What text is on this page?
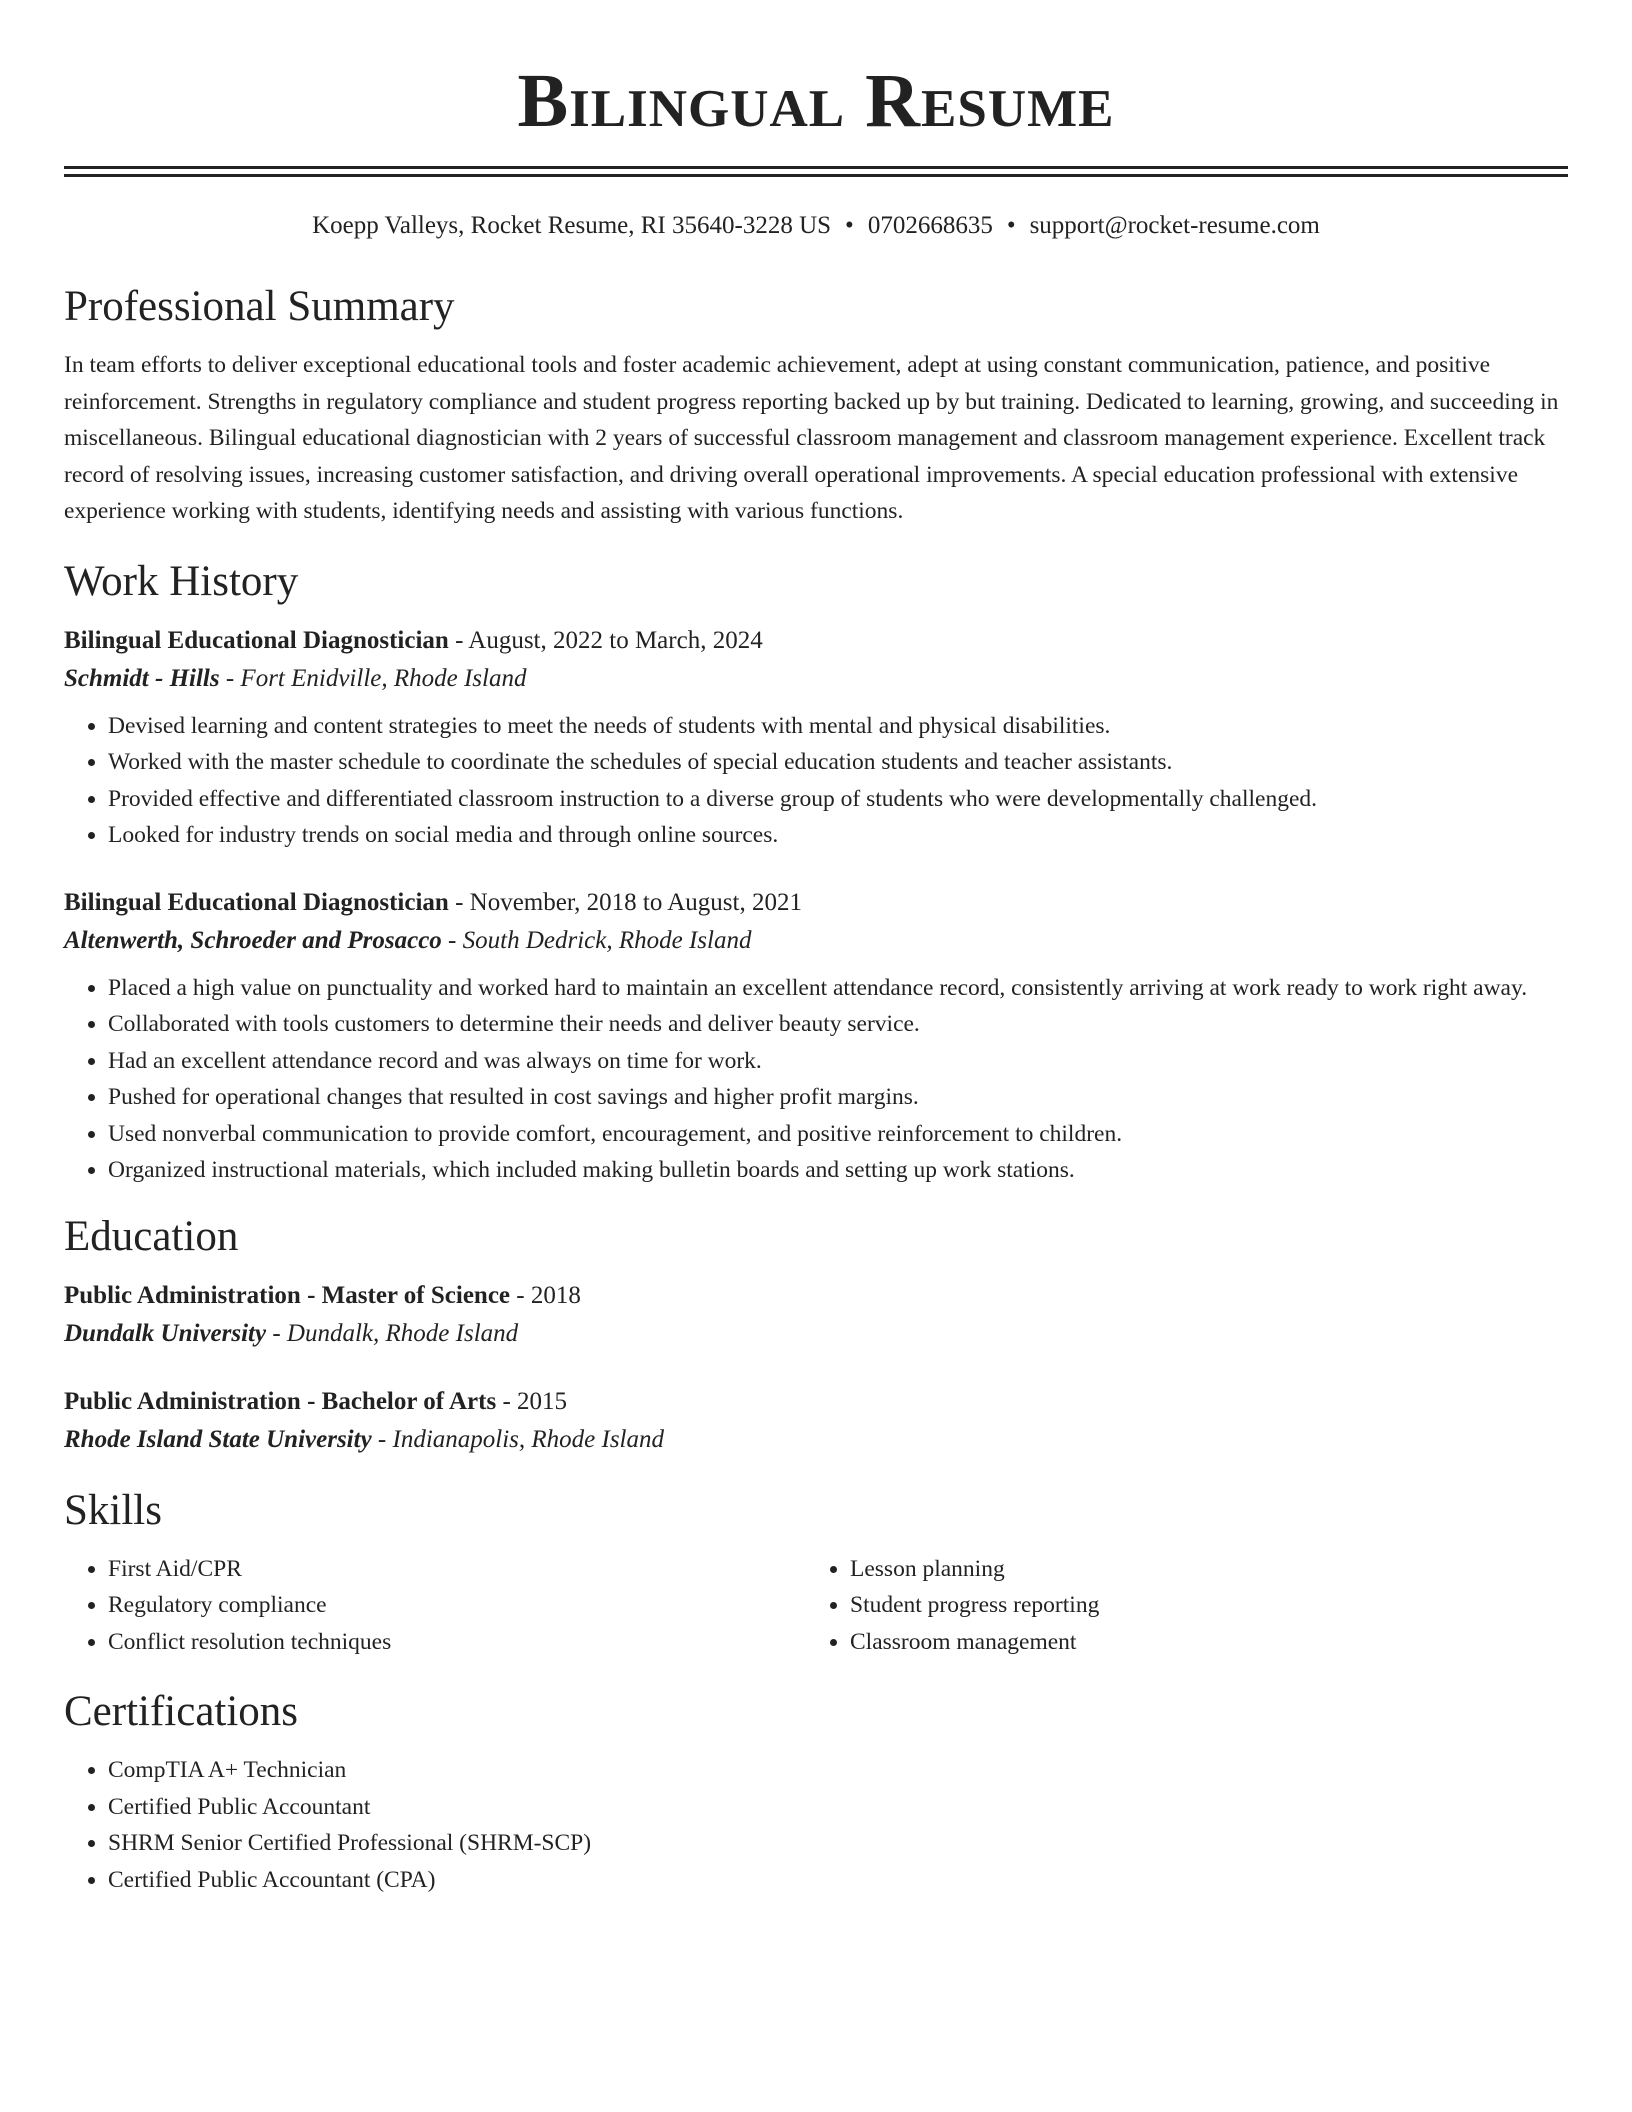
Bilingual Resume
Koepp Valleys, Rocket Resume, RI 35640-3228 US • 0702668635 • support@rocket-resume.com
Professional Summary

In team efforts to deliver exceptional educational tools and foster academic achievement, adept at using constant communication, patience, and positive reinforcement. Strengths in regulatory compliance and student progress reporting backed up by but training. Dedicated to learning, growing, and succeeding in miscellaneous. Bilingual educational diagnostician with 2 years of successful classroom management and classroom management experience. Excellent track record of resolving issues, increasing customer satisfaction, and driving overall operational improvements. A special education professional with extensive experience working with students, identifying needs and assisting with various functions.

Work History

Bilingual Educational Diagnostician - August, 2022 to March, 2024

Schmidt - Hills - Fort Enidville, Rhode Island

• Devised learning and content strategies to meet the needs of students with mental and physical disabilities.
• Worked with the master schedule to coordinate the schedules of special education students and teacher assistants.
• Provided effective and differentiated classroom instruction to a diverse group of students who were developmentally challenged.
• Looked for industry trends on social media and through online sources.

Bilingual Educational Diagnostician - November, 2018 to August, 2021

Altenwerth, Schroeder and Prosacco - South Dedrick, Rhode Island

• Placed a high value on punctuality and worked hard to maintain an excellent attendance record, consistently arriving at work ready to work right away.
• Collaborated with tools customers to determine their needs and deliver beauty service.
• Had an excellent attendance record and was always on time for work.
• Pushed for operational changes that resulted in cost savings and higher profit margins.
• Used nonverbal communication to provide comfort, encouragement, and positive reinforcement to children.
• Organized instructional materials, which included making bulletin boards and setting up work stations.
Education

Public Administration - Master of Science - 2018

Dundalk University - Dundalk, Rhode Island

Public Administration - Bachelor of Arts - 2015

Rhode Island State University - Indianapolis, Rhode Island

Skills
• First Aid/CPR
• Regulatory compliance
• Conflict resolution techniques
• Lesson planning
• Student progress reporting
• Classroom management
Certifications
• CompTIA A+ Technician
• Certified Public Accountant
• SHRM Senior Certified Professional (SHRM-SCP)
• Certified Public Accountant (CPA)
